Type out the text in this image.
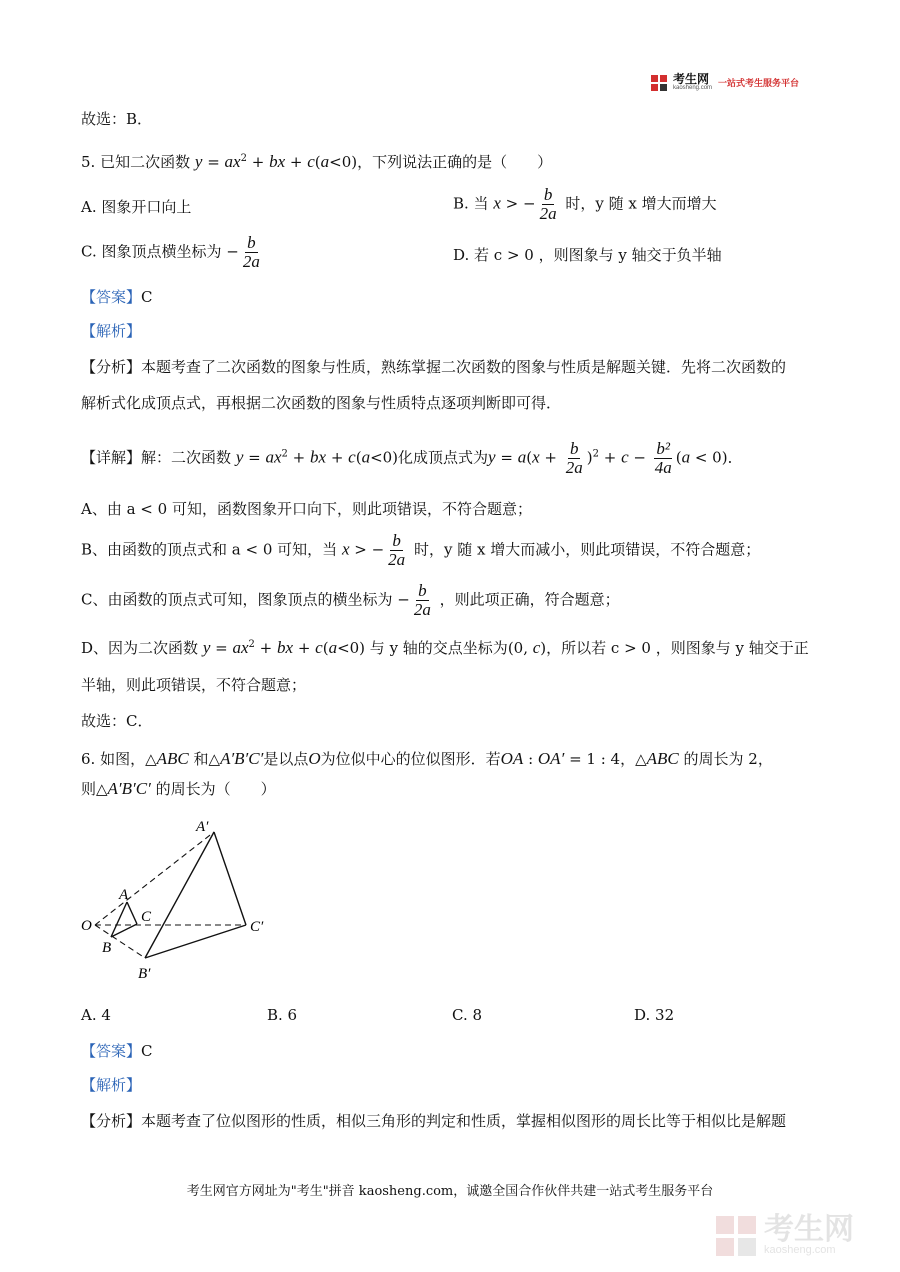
考生网
kaosheng.com 一站式考生服务平台
故选：B．
5. 已知二次函数 $y = ax^2$ + bx + c(a<0)，下列说法正确的是（　　）
A. 图象开口向上	B. 当 x > − $\frac{b}{2a}$ 时，y 随 x 增大而增大
C. 图象顶点横坐标为 − $\frac{b}{2a}$	D. 若 c > 0 ，则图象与 y 轴交于负半轴
【答案】C
【解析】
【分析】本题考查了二次函数的图象与性质，熟练掌握二次函数的图象与性质是解题关键．先将二次函数的
解析式化成顶点式，再根据二次函数的图象与性质特点逐项判断即可得．
【详解】解：二次函数 $y = ax^2$ + bx + c(a<0)化成顶点式为$y = a(x + \frac{b}{2a} )^2 + c - \frac{\text{b²}}{4a} (a < 0)$．
A、由 a < 0 可知，函数图象开口向下，则此项错误，不符合题意；
B、由函数的顶点式和 a < 0 可知，当 x > − $\frac{b}{2a}$ 时，y 随 x 增大而减小，则此项错误，不符合题意；
C、由函数的顶点式可知，图象顶点的横坐标为 − $\frac{b}{2a}$ ，则此项正确，符合题意；
D、因为二次函数 $y = ax^2$ + bx + c(a<0) 与 y 轴的交点坐标为(0, c)，所以若 c > 0 ，则图象与 y 轴交于正
半轴，则此项错误，不符合题意；
故选：C．
6. 如图，△ABC 和△A′B′C′是以点O为位似中心的位似图形．若OA : OA′ = 1 : 4，△ABC 的周长为 2，
则△A′B′C′ 的周长为（　　）
A′
A
C
O
B
C′
B′
A. 4	B. 6	C. 8	D. 32
【答案】C
【解析】
【分析】本题考查了位似图形的性质，相似三角形的判定和性质，掌握相似图形的周长比等于相似比是解题
考生网官方网址为"考生"拼音 kaosheng.com，诚邀全国合作伙伴共建一站式考生服务平台
考生网
kaosheng.com
